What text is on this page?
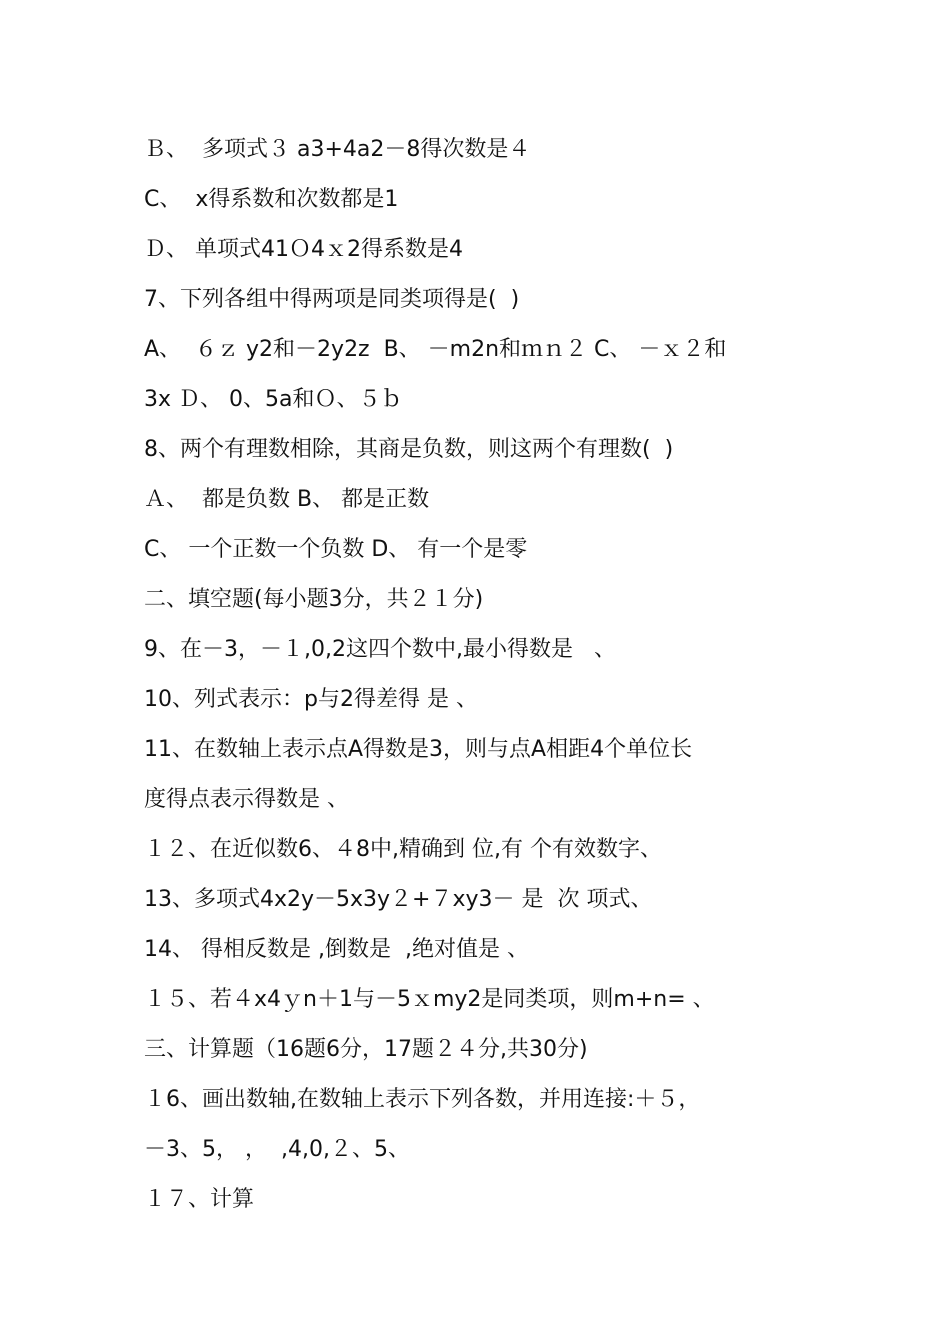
Ｂ、  多项式３ a3+4a2－8得次数是４
C、  x得系数和次数都是1
Ｄ、 单项式41Ｏ4ｘ2得系数是4
7、下列各组中得两项是同类项得是(  )
A、  ６ｚ y2和－2y2z  B、 －m2n和ｍｎ２ C、 －ｘ２和
3x Ｄ、 0、5a和Ｏ、５ｂ
8、两个有理数相除，其商是负数，则这两个有理数(  )
Ａ、  都是负数 B、 都是正数
C、 一个正数一个负数 D、 有一个是零
二、填空题(每小题3分，共２１分)
9、在－3，－１,0,2这四个数中,最小得数是   、
10、列式表示：p与2得差得 是 、
11、在数轴上表示点A得数是3，则与点A相距4个单位长
度得点表示得数是 、
１２、在近似数6、４8中,精确到 位,有 个有效数字、
13、多项式4x2y－5x3y２+７xy3－ 是  次 项式、
14、 得相反数是 ,倒数是  ,绝对值是 、
１５、若４x4ｙn＋1与－5ｘmy2是同类项，则m+n= 、
三、计算题（16题6分，17题２４分,共30分)
１6、画出数轴,在数轴上表示下列各数，并用连接:＋５，
－3、5， ，  ,4,0,２、5、
１７、计算
